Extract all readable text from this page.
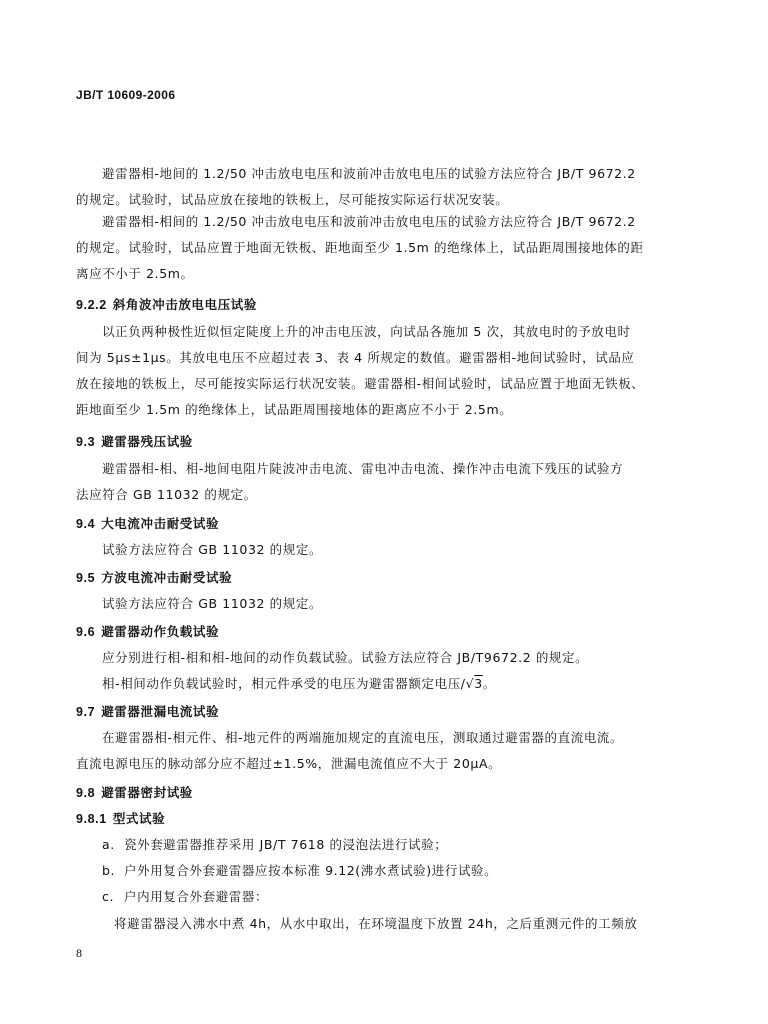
JB/T 10609-2006
避雷器相-地间的 1.2/50 冲击放电电压和波前冲击放电电压的试验方法应符合 JB/T 9672.2
的规定。试验时，试品应放在接地的铁板上，尽可能按实际运行状况安装。
避雷器相-相间的 1.2/50 冲击放电电压和波前冲击放电电压的试验方法应符合 JB/T 9672.2
的规定。试验时，试品应置于地面无铁板、距地面至少 1.5m 的绝缘体上，试品距周围接地体的距
离应不小于 2.5m。
9.2.2 斜角波冲击放电电压试验
以正负两种极性近似恒定陡度上升的冲击电压波，向试品各施加 5 次，其放电时的予放电时
间为 5μs±1μs。其放电电压不应超过表 3、表 4 所规定的数值。避雷器相-地间试验时，试品应
放在接地的铁板上，尽可能按实际运行状况安装。避雷器相-相间试验时，试品应置于地面无铁板、
距地面至少 1.5m 的绝缘体上，试品距周围接地体的距离应不小于 2.5m。
9.3 避雷器残压试验
避雷器相-相、相-地间电阻片陡波冲击电流、雷电冲击电流、操作冲击电流下残压的试验方
法应符合 GB 11032 的规定。
9.4 大电流冲击耐受试验
试验方法应符合 GB 11032 的规定。
9.5 方波电流冲击耐受试验
试验方法应符合 GB 11032 的规定。
9.6 避雷器动作负载试验
应分别进行相-相和相-地间的动作负载试验。试验方法应符合 JB/T9672.2 的规定。
相-相间动作负载试验时，相元件承受的电压为避雷器额定电压/√3。
9.7 避雷器泄漏电流试验
在避雷器相-相元件、相-地元件的两端施加规定的直流电压，测取通过避雷器的直流电流。
直流电源电压的脉动部分应不超过±1.5%，泄漏电流值应不大于 20μA。
9.8 避雷器密封试验
9.8.1 型式试验
a. 瓷外套避雷器推荐采用 JB/T 7618 的浸泡法进行试验；
b. 户外用复合外套避雷器应按本标准 9.12(沸水煮试验)进行试验。
c. 户内用复合外套避雷器：
将避雷器浸入沸水中煮 4h，从水中取出，在环境温度下放置 24h，之后重测元件的工频放
8
